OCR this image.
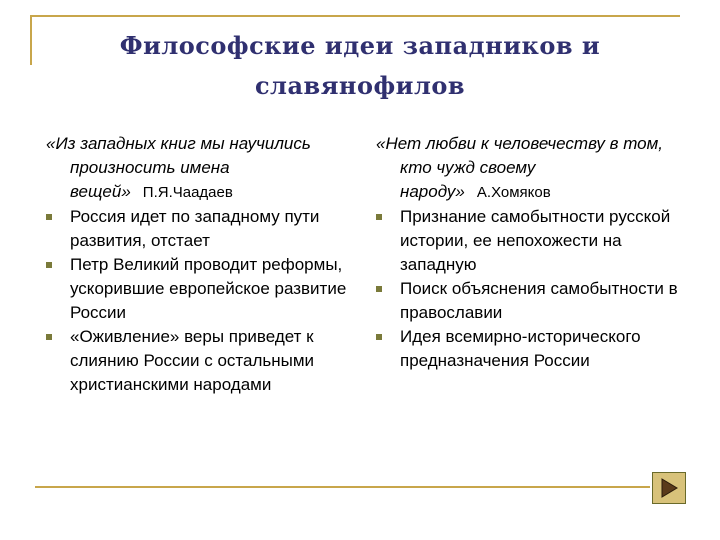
Философские идеи западников и
славянофилов
«Из западных книг мы научились произносить имена вещей» П.Я.Чаадаев
Россия идет по западному пути развития, отстает
Петр Великий проводит реформы, ускорившие европейское развитие России
«Оживление» веры приведет к слиянию России с остальными христианскими народами
«Нет любви к человечеству в том, кто чужд своему народу» А.Хомяков
Признание самобытности русской истории, ее непохожести на западную
Поиск объяснения самобытности в православии
Идея всемирно-исторического предназначения России
